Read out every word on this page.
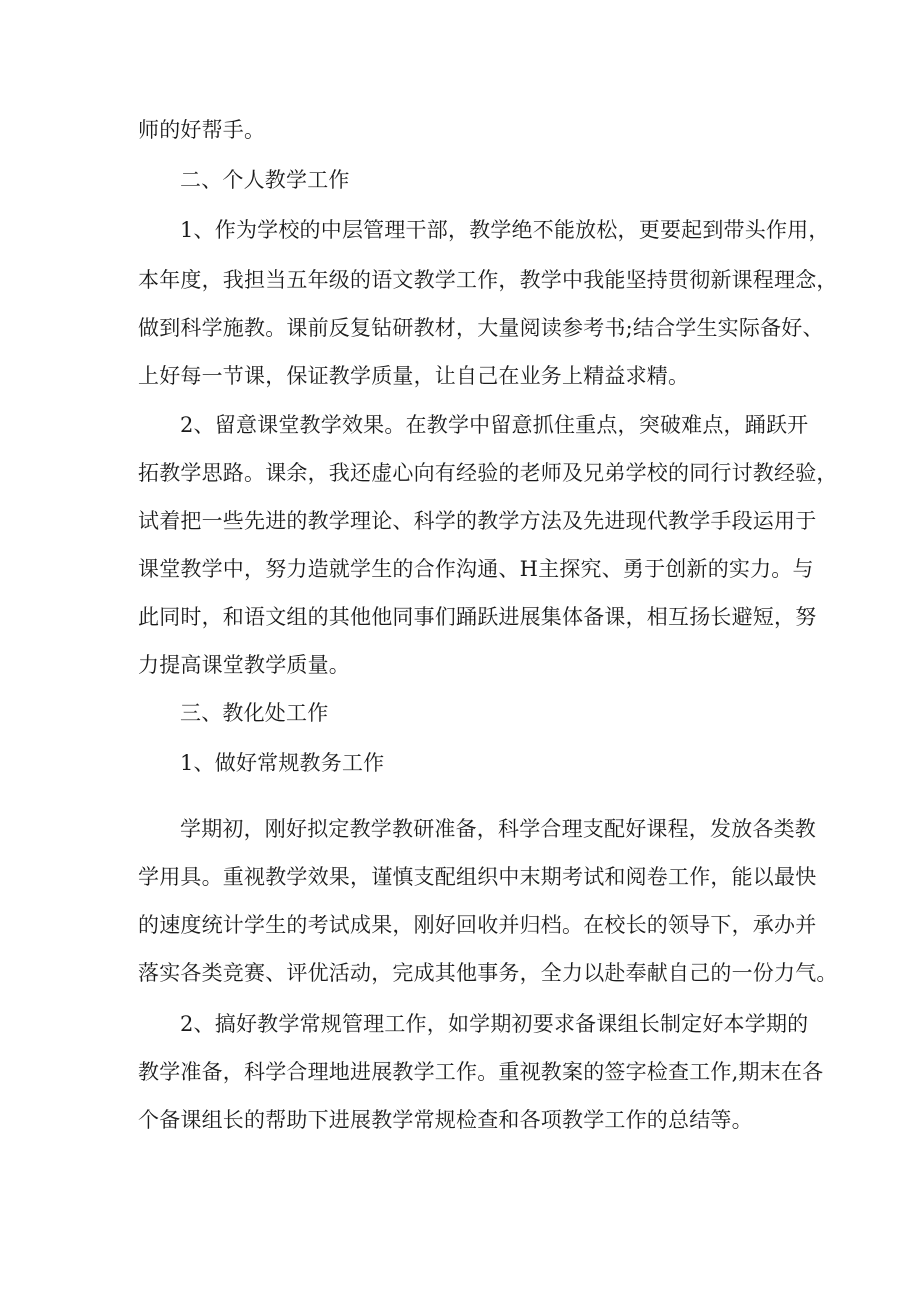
师的好帮手。
二、个人教学工作
1、作为学校的中层管理干部，教学绝不能放松，更要起到带头作用，
本年度，我担当五年级的语文教学工作，教学中我能坚持贯彻新课程理念，
做到科学施教。课前反复钻研教材，大量阅读参考书;结合学生实际备好、
上好每一节课，保证教学质量，让自己在业务上精益求精。
2、留意课堂教学效果。在教学中留意抓住重点，突破难点，踊跃开
拓教学思路。课余，我还虚心向有经验的老师及兄弟学校的同行讨教经验，
试着把一些先进的教学理论、科学的教学方法及先进现代教学手段运用于
课堂教学中，努力造就学生的合作沟通、H主探究、勇于创新的实力。与
此同时，和语文组的其他他同事们踊跃进展集体备课，相互扬长避短，努
力提高课堂教学质量。
三、教化处工作
1、做好常规教务工作
学期初，刚好拟定教学教研准备，科学合理支配好课程，发放各类教
学用具。重视教学效果，谨慎支配组织中末期考试和阅卷工作，能以最快
的速度统计学生的考试成果，刚好回收并归档。在校长的领导下，承办并
落实各类竞赛、评优活动，完成其他事务，全力以赴奉献自己的一份力气。
2、搞好教学常规管理工作，如学期初要求备课组长制定好本学期的
教学准备，科学合理地进展教学工作。重视教案的签字检查工作,期末在各
个备课组长的帮助下进展教学常规检查和各项教学工作的总结等。
